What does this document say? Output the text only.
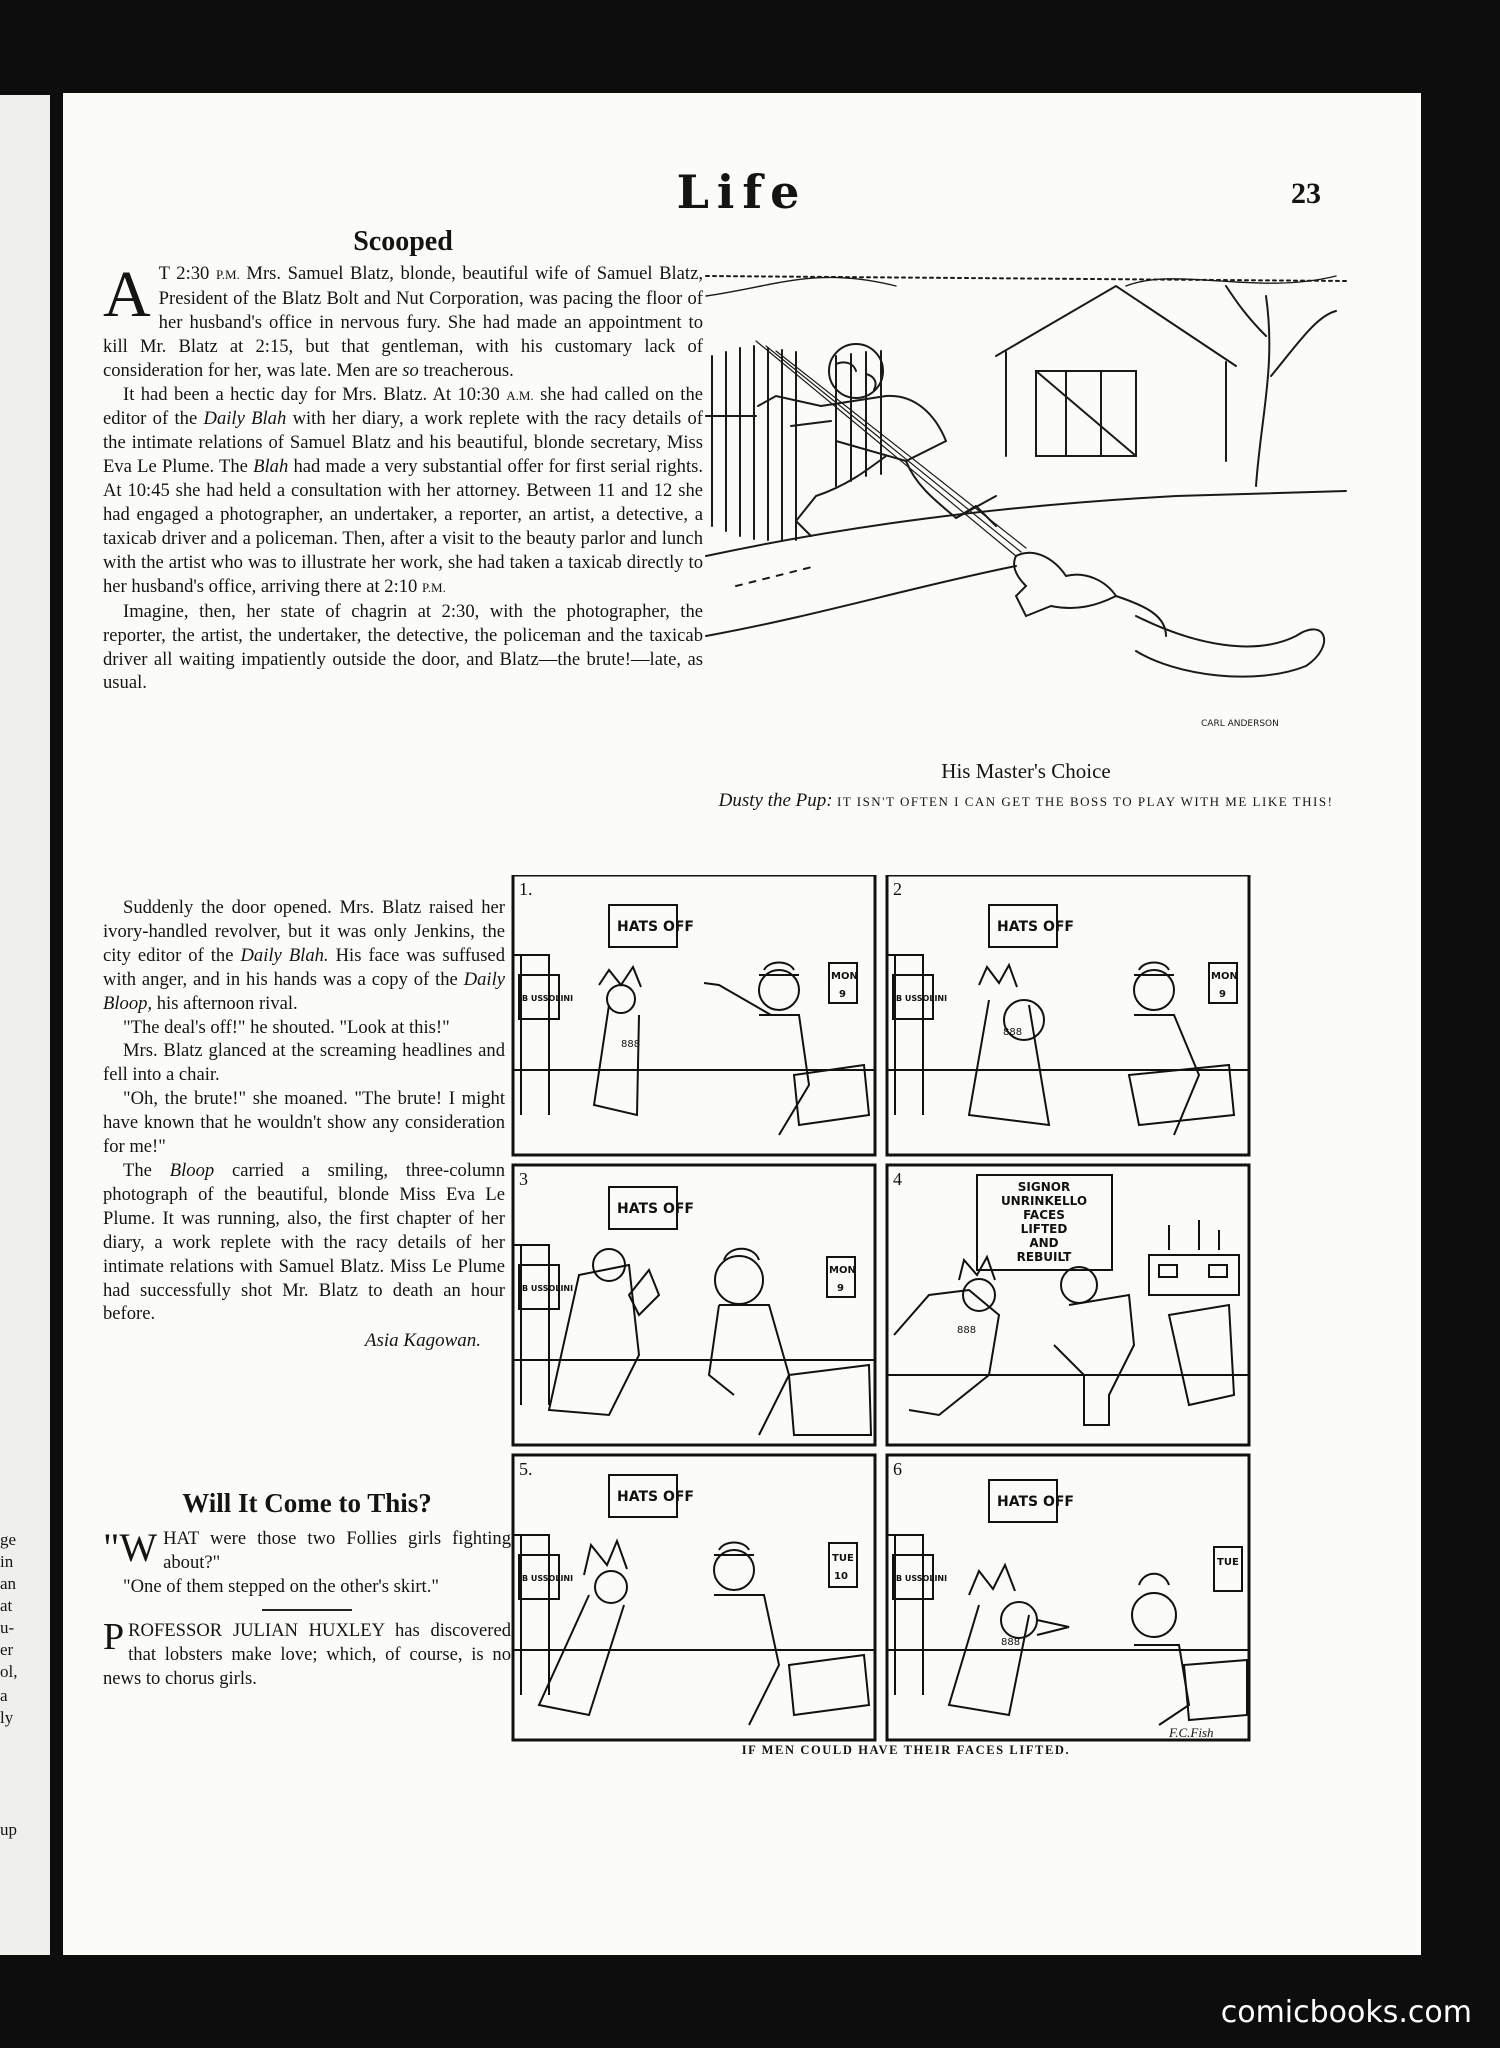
ge
in
an
at
u-
er
ol,
a
ly
up
Life	23
Scooped
A T 2:30 P.M. Mrs. Samuel Blatz, blonde, beautiful wife of Samuel Blatz, President of the Blatz Bolt and Nut Corporation, was pacing the floor of her husband's office in nervous fury. She had made an appointment to kill Mr. Blatz at 2:15, but that gentleman, with his customary lack of consideration for her, was late. Men are so treacherous.

It had been a hectic day for Mrs. Blatz. At 10:30 A.M. she had called on the editor of the Daily Blah with her diary, a work replete with the racy details of the intimate relations of Samuel Blatz and his beautiful, blonde secretary, Miss Eva Le Plume. The Blah had made a very substantial offer for first serial rights. At 10:45 she had held a consultation with her attorney. Between 11 and 12 she had engaged a photographer, an undertaker, a reporter, an artist, a detective, a taxicab driver and a policeman. Then, after a visit to the beauty parlor and lunch with the artist who was to illustrate her work, she had taken a taxicab directly to her husband's office, arriving there at 2:10 P.M.

Imagine, then, her state of chagrin at 2:30, with the photographer, the reporter, the artist, the undertaker, the detective, the policeman and the taxicab driver all waiting impatiently outside the door, and Blatz—the brute!—late, as usual.

Suddenly the door opened. Mrs. Blatz raised her ivory-handled revolver, but it was only Jenkins, the city editor of the Daily Blah. His face was suffused with anger, and in his hands was a copy of the Daily Bloop, his afternoon rival.

"The deal's off!" he shouted. "Look at this!"

Mrs. Blatz glanced at the screaming headlines and fell into a chair.

"Oh, the brute!" she moaned. "The brute! I might have known that he wouldn't show any consideration for me!"

The Bloop carried a smiling, three-column photograph of the beautiful, blonde Miss Eva Le Plume. It was running, also, the first chapter of her diary, a work replete with the racy details of her intimate relations with Samuel Blatz. Miss Le Plume had successfully shot Mr. Blatz to death an hour before.

Asia Kagowan.
Will It Come to This?
"W HAT were those two Follies girls fighting about?"

"One of them stepped on the other's skirt."

P ROFESSOR JULIAN HUXLEY has discovered that lobsters make love; which, of course, is no news to chorus girls.

CARL ANDERSON
His Master's Choice
Dusty the Pup: IT ISN'T OFTEN I CAN GET THE BOSS TO PLAY WITH ME LIKE THIS!
1.	2
3	4
5.	6
HATS OFF	HATS OFF
HATS OFF
HATS OFF	HATS OFF
B USSOLINI	B USSOLINI
B USSOLINI
B USSOLINI	B USSOLINI
MON
9
MON
9
MON
9
TUE
10
TUE
SIGNOR
UNRINKELLO
FACES
LIFTED
AND
REBUILT
888
888
888
888
F.C.Fish
IF MEN COULD HAVE THEIR FACES LIFTED.
comicbooks.com
